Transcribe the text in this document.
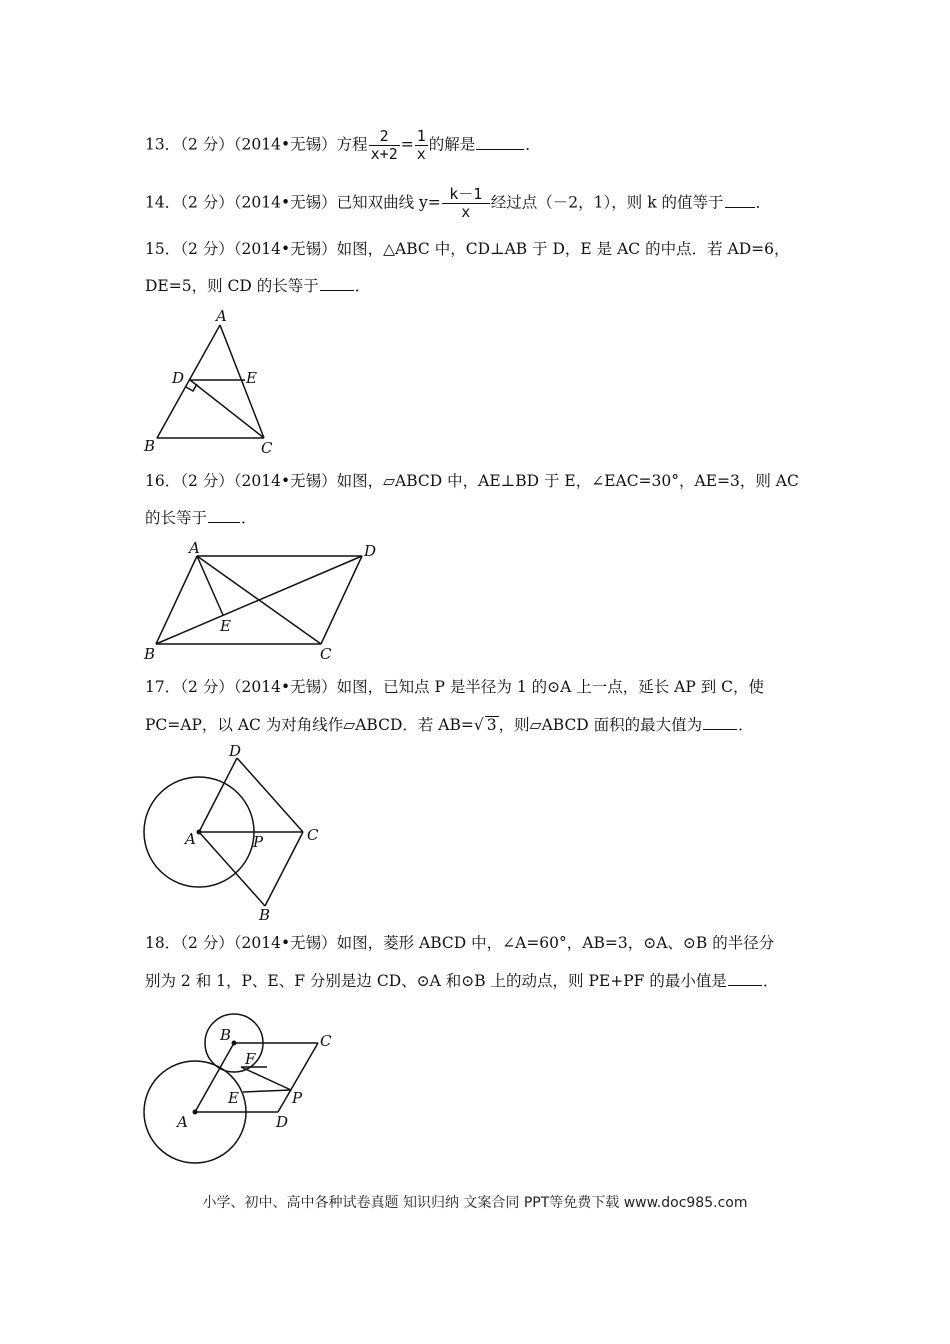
13．（2 分）（2014•无锡）方程 $\frac{2}{x+2} = \frac{1}{x}$ 的解是	．
14．（2 分）（2014•无锡）已知双曲线 $y= \frac{k-1}{x}$ 经过点（－2，1），则 k 的值等于 ．
15．（2 分）（2014•无锡）如图，△ABC 中，CD⊥AB 于 D，E 是 AC 的中点．若 AD=6，
DE=5，则 CD 的长等于 ．
A
B	C
D	E
16．（2 分）（2014•无锡）如图，▱ABCD 中，AE⊥BD 于 E，∠EAC=30°，AE=3，则 AC
的长等于 ．
A
B	C
D
E
17．（2 分）（2014•无锡）如图，已知点 P 是半径为 1 的⊙A 上一点，延长 AP 到 C，使
PC=AP，以 AC 为对角线作▱ABCD．若 AB=√ 3 ，则▱ABCD 面积的最大值为 ．
A
B
C
D
P
18．（2 分）（2014•无锡）如图，菱形 ABCD 中，∠A=60°，AB=3，⊙A、⊙B 的半径分
别为 2 和 1，P、E、F 分别是边 CD、⊙A 和⊙B 上的动点，则 PE+PF 的最小值是 ．
A
B	C
D
E
F
P
小学、初中、高中各种试卷真题 知识归纳 文案合同 PPT等免费下载 www.doc985.com
